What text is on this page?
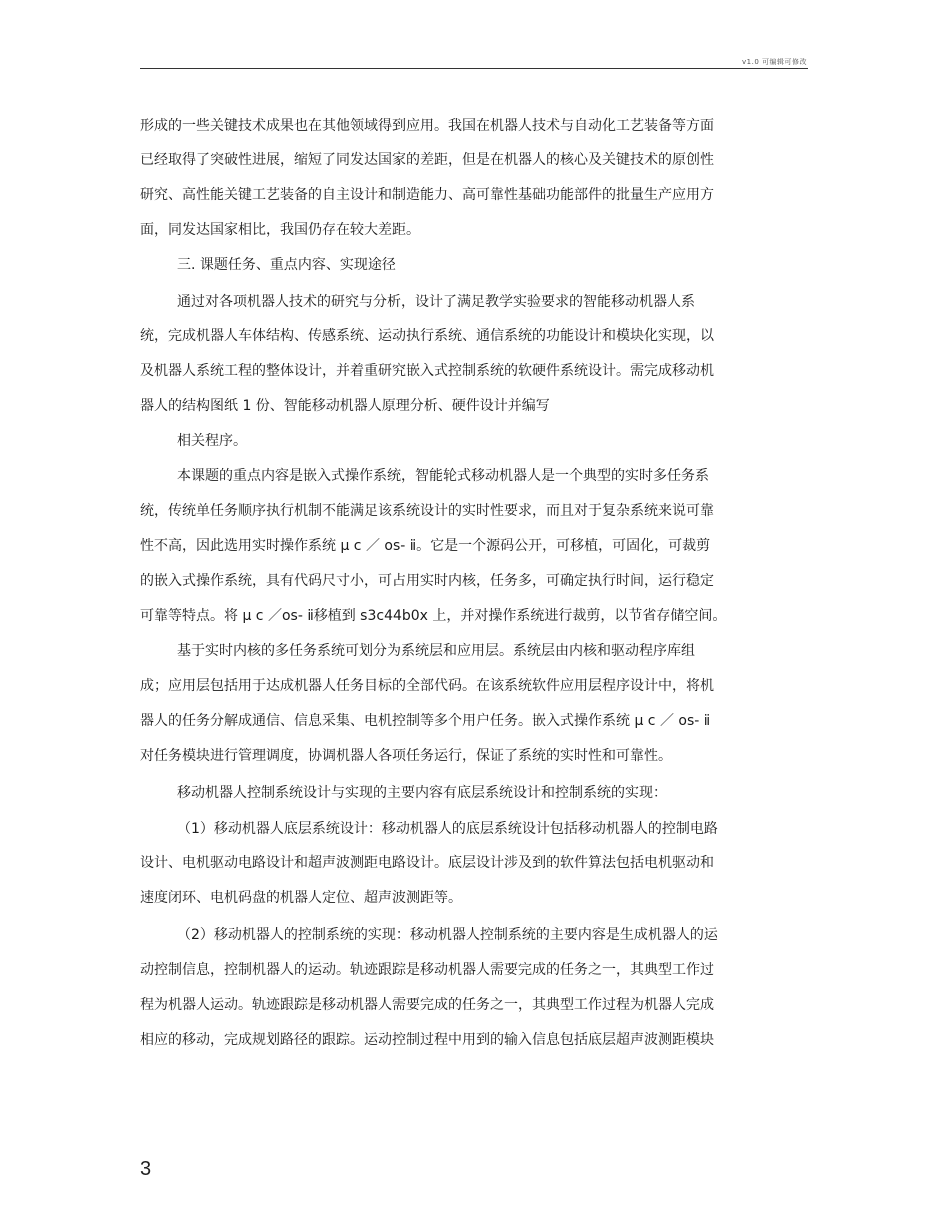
v1.0 可编辑可修改
形成的一些关键技术成果也在其他领域得到应用。我国在机器人技术与自动化工艺装备等方面
已经取得了突破性进展，缩短了同发达国家的差距，但是在机器人的核心及关键技术的原创性
研究、高性能关键工艺装备的自主设计和制造能力、高可靠性基础功能部件的批量生产应用方
面，同发达国家相比，我国仍存在较大差距。
三. 课题任务、重点内容、实现途径
通过对各项机器人技术的研究与分析，设计了满足教学实验要求的智能移动机器人系
统，完成机器人车体结构、传感系统、运动执行系统、通信系统的功能设计和模块化实现，以
及机器人系统工程的整体设计，并着重研究嵌入式控制系统的软硬件系统设计。需完成移动机
器人的结构图纸 1 份、智能移动机器人原理分析、硬件设计并编写
相关程序。
本课题的重点内容是嵌入式操作系统，智能轮式移动机器人是一个典型的实时多任务系
统，传统单任务顺序执行机制不能满足该系统设计的实时性要求，而且对于复杂系统来说可靠
性不高，因此选用实时操作系统 μ c ／ os- ⅱ。它是一个源码公开，可移植，可固化，可裁剪
的嵌入式操作系统，具有代码尺寸小，可占用实时内核，任务多，可确定执行时间，运行稳定
可靠等特点。将 μ c ／os- ⅱ移植到 s3c44b0x 上，并对操作系统进行裁剪，以节省存储空间。
基于实时内核的多任务系统可划分为系统层和应用层。系统层由内核和驱动程序库组
成；应用层包括用于达成机器人任务目标的全部代码。在该系统软件应用层程序设计中，将机
器人的任务分解成通信、信息采集、电机控制等多个用户任务。嵌入式操作系统 μ c ／ os- ⅱ
对任务模块进行管理调度，协调机器人各项任务运行，保证了系统的实时性和可靠性。
移动机器人控制系统设计与实现的主要内容有底层系统设计和控制系统的实现：
（1）移动机器人底层系统设计：移动机器人的底层系统设计包括移动机器人的控制电路
设计、电机驱动电路设计和超声波测距电路设计。底层设计涉及到的软件算法包括电机驱动和
速度闭环、电机码盘的机器人定位、超声波测距等。
（2）移动机器人的控制系统的实现：移动机器人控制系统的主要内容是生成机器人的运
动控制信息，控制机器人的运动。轨迹跟踪是移动机器人需要完成的任务之一，其典型工作过
程为机器人运动。轨迹跟踪是移动机器人需要完成的任务之一，其典型工作过程为机器人完成
相应的移动，完成规划路径的跟踪。运动控制过程中用到的输入信息包括底层超声波测距模块
3
